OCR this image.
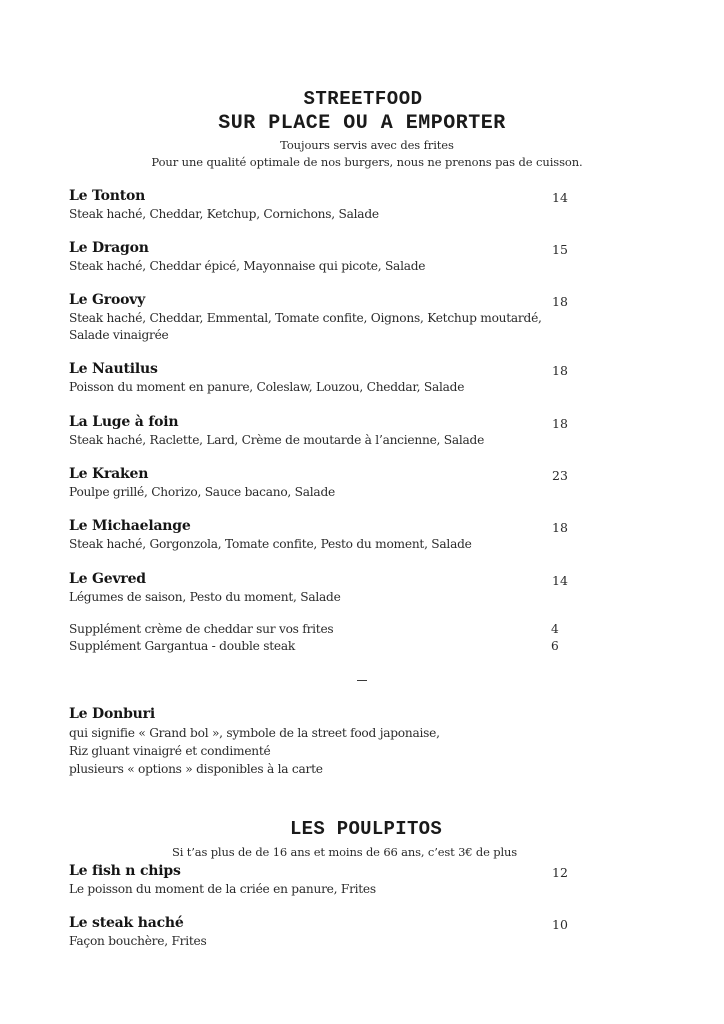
STREETFOOD
SUR PLACE OU A EMPORTER
Toujours servis avec des frites
Pour une qualité optimale de nos burgers, nous ne prenons pas de cuisson.
Le Tonton
Steak haché, Cheddar, Ketchup, Cornichons, Salade
14
Le Dragon
Steak haché, Cheddar épicé, Mayonnaise qui picote, Salade
15
Le Groovy
Steak haché, Cheddar, Emmental, Tomate confite, Oignons, Ketchup moutardé,
Salade vinaigrée
18
Le Nautilus
Poisson du moment en panure, Coleslaw, Louzou, Cheddar, Salade
18
La Luge à foin
Steak haché, Raclette, Lard, Crème de moutarde à l’ancienne, Salade
18
Le Kraken
Poulpe grillé, Chorizo, Sauce bacano, Salade
23
Le Michaelange
Steak haché, Gorgonzola, Tomate confite, Pesto du moment, Salade
18
Le Gevred
Légumes de saison, Pesto du moment, Salade
14
Supplément crème de cheddar sur vos frites	4
Supplément Gargantua - double steak	6
Le Donburi
qui signifie « Grand bol », symbole de la street food japonaise,
Riz gluant vinaigré et condimenté
plusieurs « options » disponibles à la carte
LES POULPITOS
Si t’as plus de de 16 ans et moins de 66 ans, c’est 3€ de plus
Le fish n chips
Le poisson du moment de la criée en panure, Frites
12
Le steak haché
Façon bouchère, Frites
10
